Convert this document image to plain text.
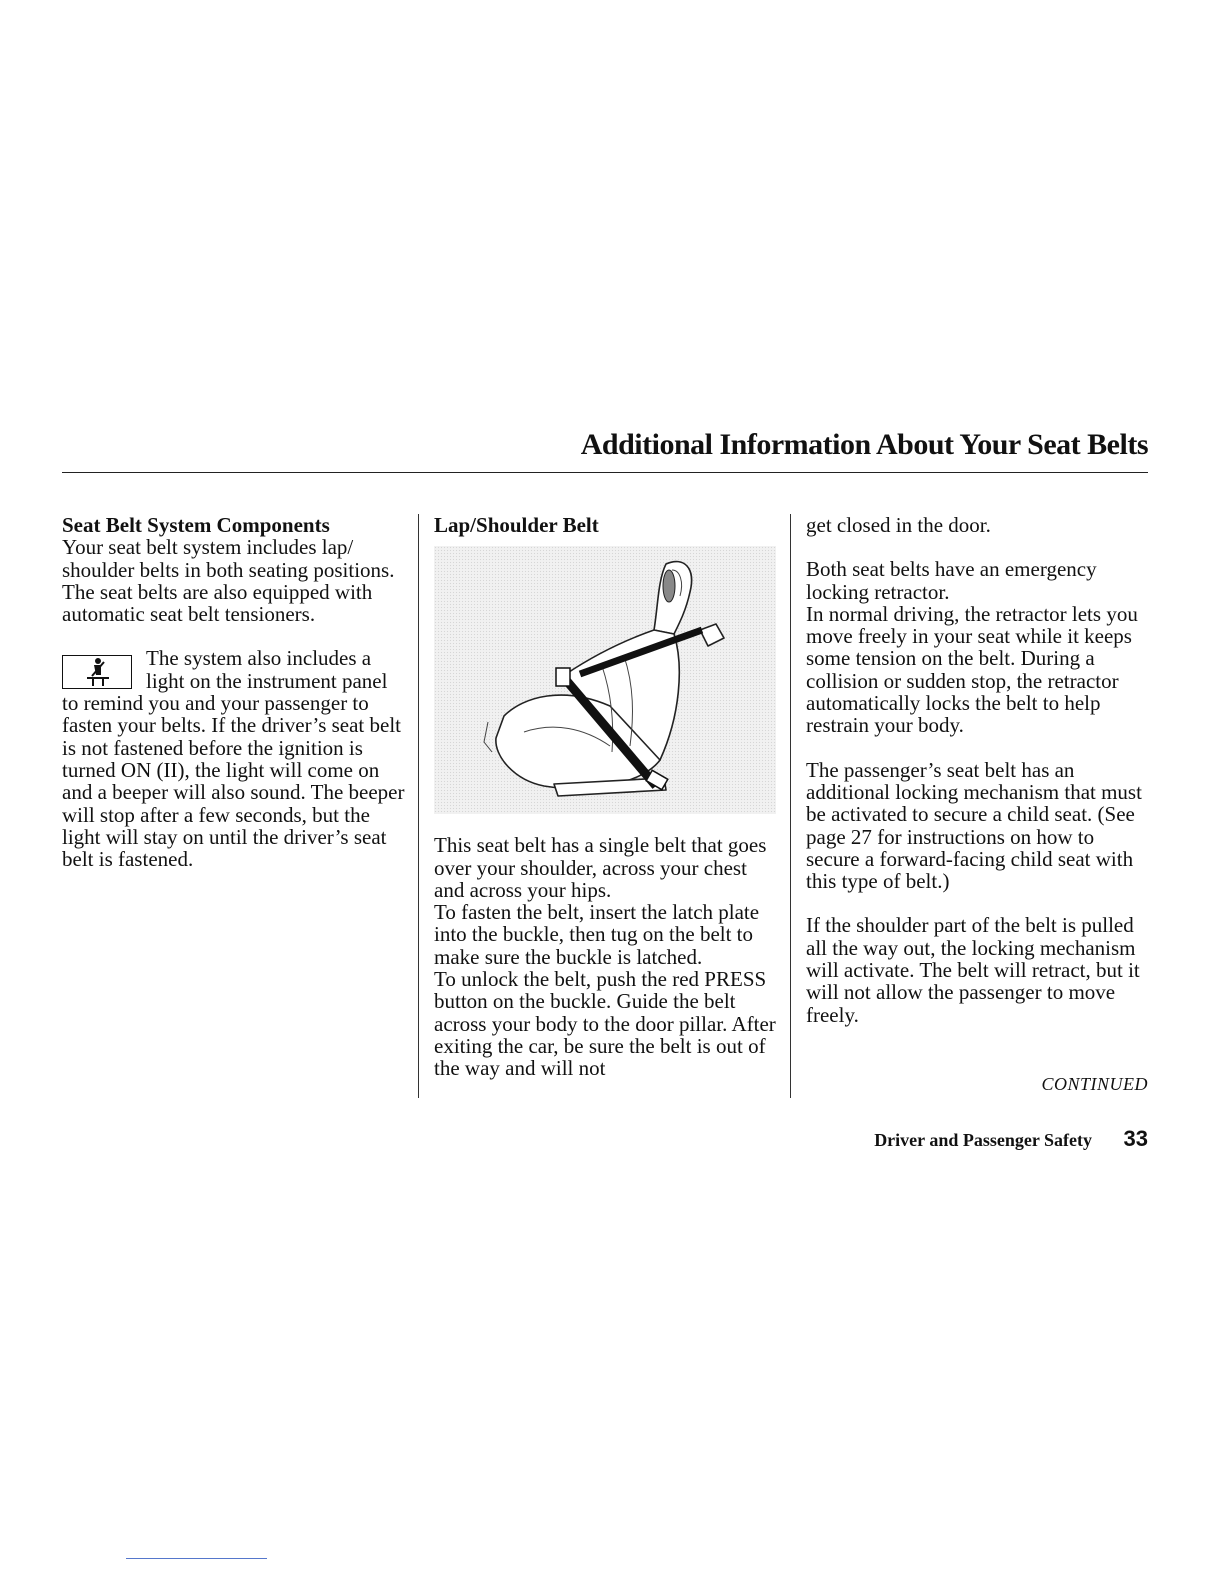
Additional Information About Your Seat Belts

Seat Belt System Components

Your seat belt system includes lap/ shoulder belts in both seating positions.

The seat belts are also equipped with automatic seat belt tensioners.

The system also includes a light on the instrument panel to remind you and your passenger to fasten your belts. If the driver’s seat belt is not fastened before the ignition is turned ON (II), the light will come on and a beeper will also sound. The beeper will stop after a few seconds, but the light will stay on until the driver’s seat belt is fastened.

Lap/Shoulder Belt

This seat belt has a single belt that goes over your shoulder, across your chest and across your hips.

To fasten the belt, insert the latch plate into the buckle, then tug on the belt to make sure the buckle is latched.

To unlock the belt, push the red PRESS button on the buckle. Guide the belt across your body to the door pillar. After exiting the car, be sure the belt is out of the way and will not

get closed in the door.

Both seat belts have an emergency locking retractor.

In normal driving, the retractor lets you move freely in your seat while it keeps some tension on the belt. During a collision or sudden stop, the retractor automatically locks the belt to help restrain your body.

The passenger’s seat belt has an additional locking mechanism that must be activated to secure a child seat. (See page 27 for instructions on how to secure a forward-facing child seat with this type of belt.)

If the shoulder part of the belt is pulled all the way out, the locking mechanism will activate. The belt will retract, but it will not allow the passenger to move freely.

CONTINUED
Driver and Passenger Safety 33
